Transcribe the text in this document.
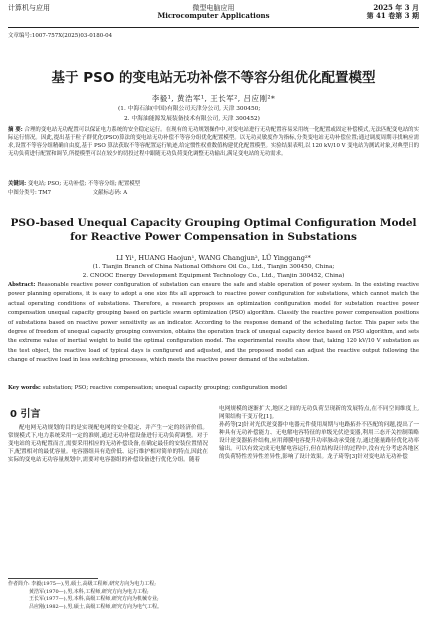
计算机与应用	微型电脑应用
Microcomputer Applications
2025 年 3 月
第 41 卷第 3 期
文章编号:1007-757X(2025)03-0180-04
基于 PSO 的变电站无功补偿不等容分组优化配置模型
李毅¹, 黄浩军¹, 王长军², 吕应刚²*
(1. 中海石油(中国)有限公司天津分公司, 天津 300450;
2. 中海油能源发展装备技术有限公司, 天津 300452)
摘 要: 合理的变电站无功配置可以保证电力系统的安全稳定运行。在现有的无功规划操作中,对变电站进行无功配置容易采用统一化配置或固定补偿模式,无法匹配变电站的实际运行情况。因此,提出基于粒子群优化(PSO)算法的变电站无功补偿不等容分组优化配置模型。以无功灵敏度作为指标,分类变电站无功补偿位置;通过调度周期寻找响应需求,设置不等容分组精确自由度,基于 PSO 算法获取不等容配置运行轨迹,给定惯性权重数值构建优化配置模型。实验结果表明,以 120 kV/10 V 变电站为测试对象,对典型日的无功负荷进行配置和调节,所提模型可以在较少的切投过程中跟随无功负荷变化调整无功输出,满足变电站的无功需求。
关键词: 变电站; PSO; 无功补偿; 不等容分组; 配置模型
中图分类号: TM7	文献标志码: A
PSO-based Unequal Capacity Grouping Optimal Configuration Model
for Reactive Power Compensation in Substations
LI Yi¹, HUANG Haojun¹, WANG Changjun², LÜ Yinggang²*
(1. Tianjin Branch of China National Offshore Oil Co., Ltd., Tianjin 300450, China;
2. CNOOC Energy Development Equipment Technology Co., Ltd., Tianjin 300452, China)
Abstract: Reasonable reactive power configuration of substation can ensure the safe and stable operation of power system. In the existing reactive power planning operations, it is easy to adopt a one size fits all approach to reactive power configuration for substations, which cannot match the actual operating conditions of substations. Therefore, a research proposes an optimization configuration model for substation reactive power compensation unequal capacity grouping based on particle swarm optimization (PSO) algorithm. Classify the reactive power compensation positions of substations based on reactive power sensitivity as an indicator. According to the response demand of the scheduling factor. This paper sets the degree of freedom of unequal capacity grouping conversion, obtains the operation track of unequal capacity device based on PSO algorithm, and sets the extreme value of inertial weight to build the optimal configuration model. The experimental results show that, taking 120 kV/10 V substation as the test object, the reactive load of typical days is configured and adjusted, and the proposed model can adjust the reactive output following the change of reactive load in less switching processes, which meets the reactive power demand of the substation.
Key words: substation; PSO; reactive compensation; unequal capacity grouping; configuration model
0 引言
配电网无功规划的目的是实现配电网的安全稳定、并产生一定的经济价值。常规模式下,电力系统采用一定的准则,通过无功补偿设备进行无功负荷调整。对于变电站的无功配置而言,需要采用相应的无功补偿设备,在确定最佳的安装位置情况下,配置相对的最优容量。电容器组具有造价低、运行维护相对简单的特点,因此在实际的变电站无功容量规划中,需要对电容器组的补偿设备进行优化分组。随着
电网规模的逐渐扩大,地区之间的无功负荷呈现新的发展特点,在不同空间维度上,网架结构干变万化[1]。
孙药等[2]针对光伏逆变器中电器元件使用周期与电路拓扑不匹配的问题,提出了一种具有无功补偿能力、无电解电容特征的单级光伏逆变器,利用三态开关控制策略设计逆变器拓扑结构,应用薄膜电容提升功率脉动承受能力,通过能量路径优化功率输出。可以有效完成无电解电容运行,但在结构设计的过程中,没有充分考虑各地区的负荷特性差异性差异性,影响了设计效果。龙子琦等[3]针对变电站无功补偿
作者简介: 李毅(1975—),男,硕士,高级工程师,研究方向为电力工程;
黄浩军(1970—),男,本科,工程师,研究方向为电力工程;
王长军(1977—),男,本科,高级工程师,研究方向为机械专业;
吕应刚(1982—),男,硕士,高级工程师,研究方向为电气工程。
